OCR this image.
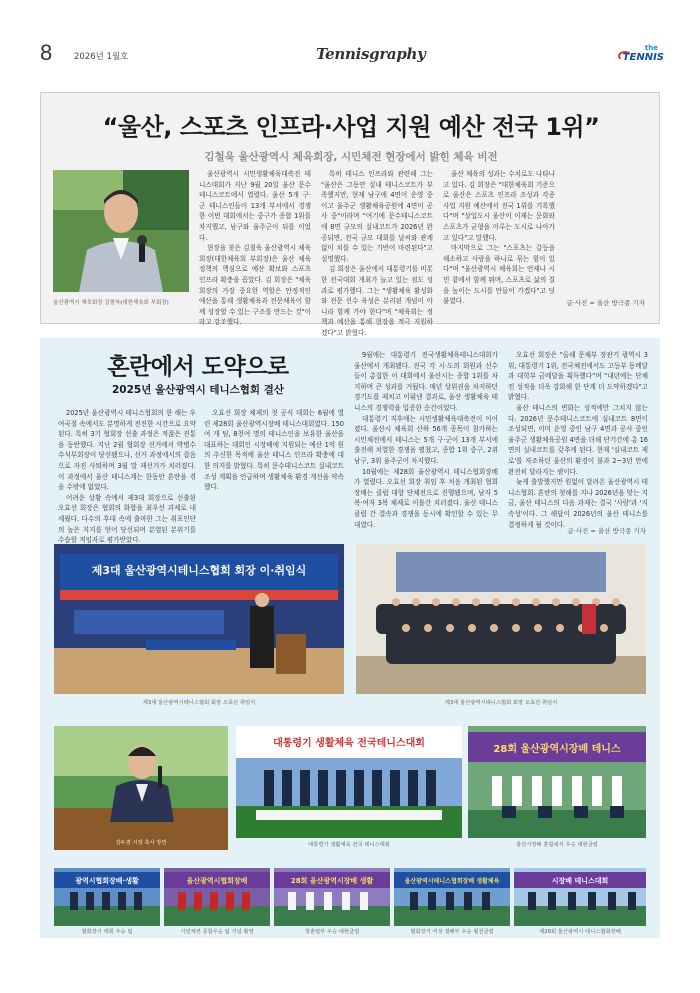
8	2026년 1월호	Tennisgraphy	the
TENNIS
“울산, 스포츠 인프라·사업 지원 예산 전국 1위”
김철욱 울산광역시 체육회장, 시민체전 현장에서 밝힌 체육 비전
울산광역시 체육회장 김철욱(대한체육회 부회장)

울산광역시 시민생활체육대축전 테니스대회가 지난 9월 20일 울산 문수테니스코트에서 열렸다. 울산 5개 구·군 테니스인들이 13개 부서에서 경쟁한 이번 대회에서는 중구가 종합 1위를 차지했고, 남구와 울주군이 뒤를 이었다.

현장을 찾은 김철욱 울산광역시 체육회장(대한체육회 부회장)은 울산 체육 정책의 핵심으로 예산 확보와 스포츠 인프라 확충을 꼽았다. 김 회장은 "체육회장의 가장 중요한 역할은 안정적인 예산을 통해 생활체육과 전문체육이 함께 성장할 수 있는 구조를 만드는 것"이라고 강조했다.

특히 테니스 인프라와 관련해 그는 "울산은 그동안 실내 테니스코트가 부족했지만, 현재 남구에 4면이 운영 중이고 울주군 생활체육공원에 4면이 공사 중"이라며 "여기에 문수테니스코트에 8면 규모의 실내코트가 2026년 완공되면, 전국 규모 대회를 날씨와 관계없이 치를 수 있는 기반이 마련된다"고 설명했다.

김 회장은 울산에서 대통령기를 비롯한 전국대회 개최가 늘고 있는 점도 성과로 평가했다. 그는 "생활체육 활성화와 전문 선수 육성은 분리된 개념이 아니라 함께 가야 한다"며 "체육회는 정책과 예산을 통해 현장을 적극 지원하겠다"고 밝혔다.

울산 체육의 성과는 수치로도 나타나고 있다. 김 회장은 "대한체육회 기준으로 울산은 스포츠 인프라 조성과 각종 사업 지원 예산에서 전국 1위를 기록했다"며 "상업도시 울산이 이제는 문화와 스포츠가 균형을 이루는 도시로 나아가고 있다"고 말했다.

마지막으로 그는 "스포츠는 갈등을 해소하고 사람을 하나로 묶는 힘이 있다"며 "울산광역시 체육회는 언제나 시민 곁에서 함께 뛰며, 스포츠로 삶의 질을 높이는 도시를 만들어 가겠다"고 덧붙였다.	글·사진 = 울산 방극종 기자
혼란에서 도약으로
2025년 울산광역시 테니스협회 결산

2025년 울산광역시 테니스협회의 한 해는 우여곡절 속에서도 분명하게 전진한 시간으로 요약된다. 특히 3기 협회장 선출 과정은 적잖은 진통을 동반했다. 지난 2월 협회장 선거에서 박병수 수석부회장이 당선됐으나, 선거 과정에서의 잡음으로 자진 사퇴하며 3월 말 재선거가 치러졌다. 이 과정에서 울산 테니스계는 한동안 혼란을 겪을 수밖에 없었다.

어려운 상황 속에서 제3대 회장으로 선출된 오효선 회장은 협회의 화합을 최우선 과제로 내세웠다. 다수의 후대 속에 출마한 그는 취포인단의 높은 지지를 얻어 당선되며 분열된 분위기를 수습할 적임자로 평가받았다.

오효선 회장 체제의 첫 공식 대회는 6월에 열린 제28회 울산광역시장배 테니스대회였다. 150여 개 팀, 8천여 명의 테니스인을 보유한 울산을 대표하는 대회인 시장배에 지원되는 예산 1억 원의 주신한 목적에 울산 테니스 인프라 확충에 대한 의지를 밝혔다. 특히 문수테니스코트 실내코트 조성 계획을 언급하며 생활체육 환경 개선을 약속했다.

9월에는 대통령기 전국생활체육테니스대회가 울산에서 개최됐다. 전국 각 시·도의 회원과 선수들이 총집한 이 대회에서 울산시는 종합 1위를 차지하며 큰 성과를 거뒀다. 매년 상위권을 차지하던 경기도를 제치고 이뤄낸 결과로, 울산 생활체육 테니스의 경쟁력을 입증한 순간이었다.

대통령기 직후에는 시민생활체육대축전이 이어졌다. 울산시 체육회 산하 56개 종목이 참가하는 시민체전에서 테니스는 5개 구·군이 13개 부서에 출전해 치열한 경쟁을 펼쳤고, 종합 1위 중구, 2위 남구, 3위 울주군이 차지했다.

10월에는 제28회 울산광역시 테니스협회장배가 열렸다. 오효선 회장 취임 후 처음 개최된 협회장배는 클럽 대항 단체전으로 진행됐으며, 남자 5복·여자 3복 체제로 이틀간 치러졌다. 울산 테니스 클럽 간 결속과 경쟁을 동시에 확인할 수 있는 무대였다.

오효선 회장은 "올해 문체부 장관기 광역시 3위, 대통령기 1위, 전국체전에서도 고등부 동메달과 대학부 금메달을 획득했다"며 "내년에는 단체전 성적을 더욱 강화해 한 단계 더 도약하겠다"고 밝혔다.

울산 테니스의 변화는 성적에만 그치지 않는다. 2026년 문수테니스코트에 실내코트 8면이 조성되면, 이미 운영 중인 남구 4면과 공사 중인 울주군 생활체육공원 4면을 더해 단기간에 총 16면의 실내코트를 갖추게 된다. 현재 '실내코트 제로'를 자조하던 울산의 환경이 불과 2~3년 만에 완전히 달라지는 셈이다.

늦게 출발했지만 원없이 달려온 울산광역시 테니스협회. 혼란의 첫해를 지나 2026년을 맞는 지금, 울산 테니스의 다음 과제는 결국 '사람'과 '지속성'이다. 그 해답이 2026년의 울산 테니스를 결정하게 될 것이다.

글·사진 = 울산 방극종 기자
제3대 울산광역시테니스협회 회장 이·취임식
제3대 울산광역시테니스협회 회장 오효선 취임식	제3대 울산광역시테니스협회 회장 오효선 취임식
김두겸 시장 축사 장면
대통령기 생활체육 전국테니스대회
대통령기 생활체육 전국 테니스대회
28회 울산광역시장배 테니스
울산시장배 혼합복식 우승 대현클럽
광역시협회장배·생활
협회장기 대회 우승 팀
울산광역시협회장배
시민체전 종합우승 팀 기념 촬영
28회 울산광역시장배 생활
청춘컵부 우승 대현클럽
울산광역시테니스협회장배 생활체육
협회장기 여성 결배부 우승 월천클럽
시장배 테니스대회
제28회 울산광역시 테니스협회장배
